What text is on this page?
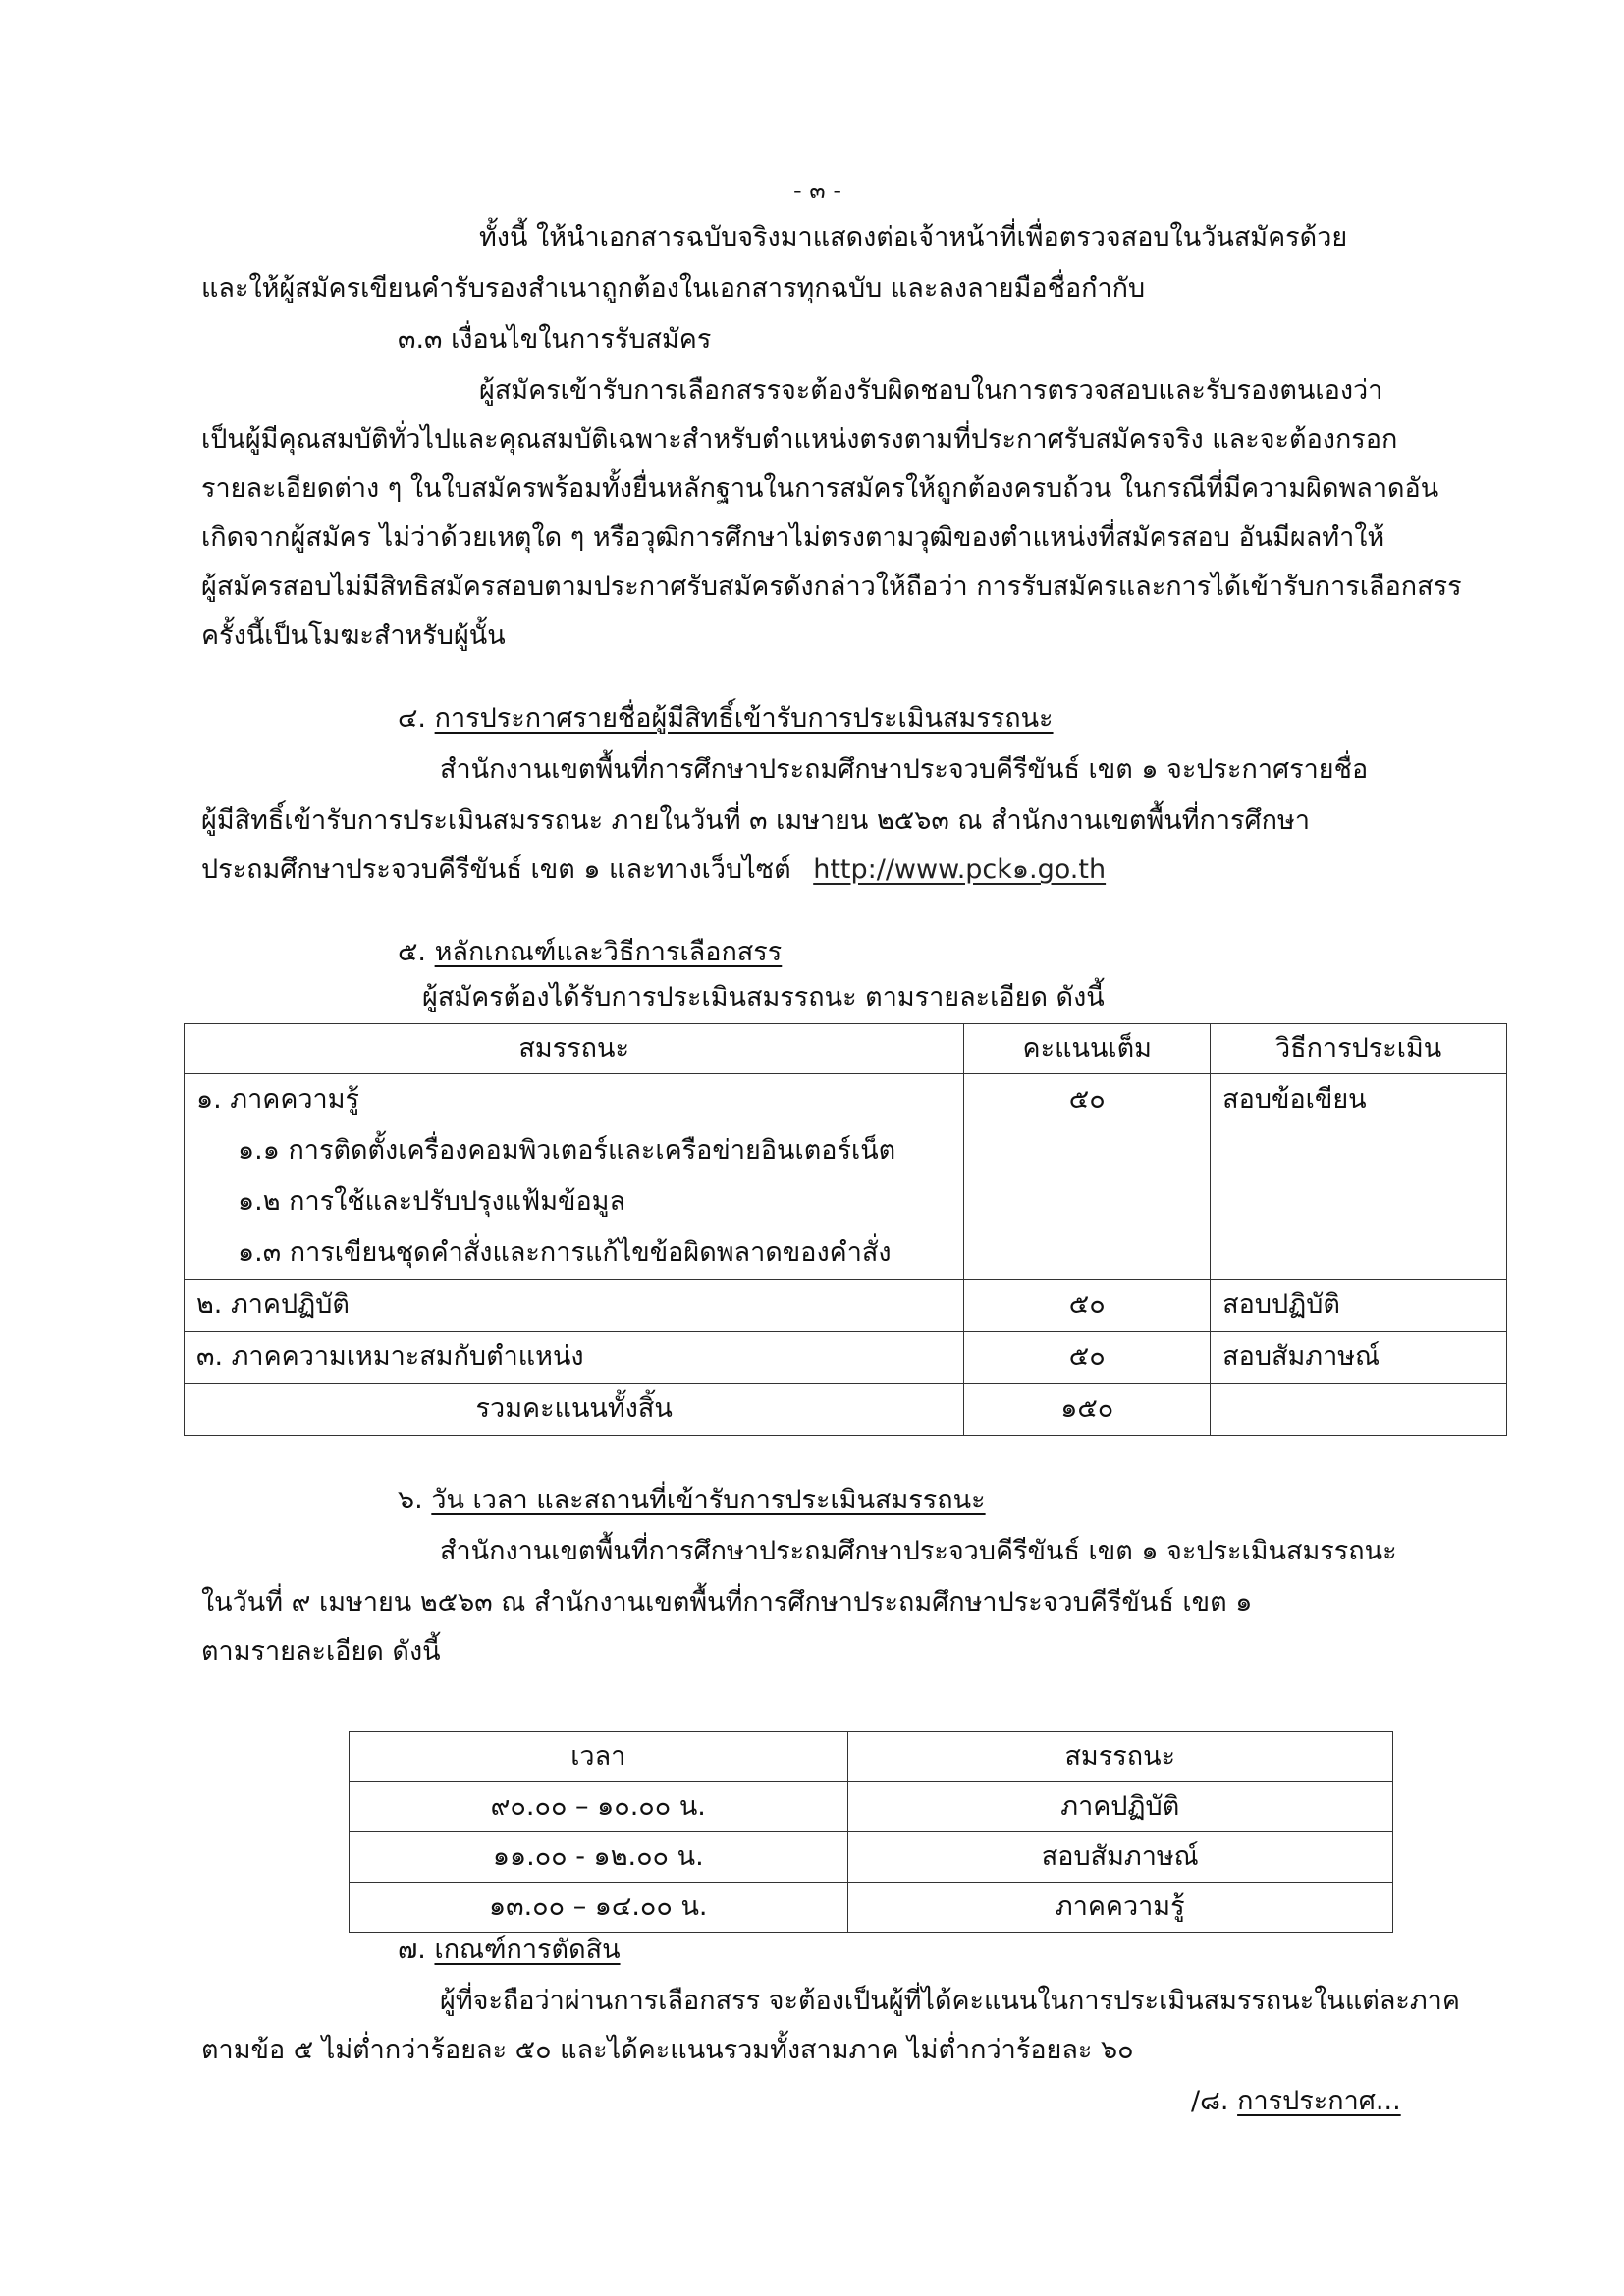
- ๓ -
ทั้งนี้ ให้นำเอกสารฉบับจริงมาแสดงต่อเจ้าหน้าที่เพื่อตรวจสอบในวันสมัครด้วย
และให้ผู้สมัครเขียนคำรับรองสำเนาถูกต้องในเอกสารทุกฉบับ และลงลายมือชื่อกำกับ
๓.๓ เงื่อนไขในการรับสมัคร
ผู้สมัครเข้ารับการเลือกสรรจะต้องรับผิดชอบในการตรวจสอบและรับรองตนเองว่า
เป็นผู้มีคุณสมบัติทั่วไปและคุณสมบัติเฉพาะสำหรับตำแหน่งตรงตามที่ประกาศรับสมัครจริง และจะต้องกรอก
รายละเอียดต่าง ๆ ในใบสมัครพร้อมทั้งยื่นหลักฐานในการสมัครให้ถูกต้องครบถ้วน ในกรณีที่มีความผิดพลาดอัน
เกิดจากผู้สมัคร ไม่ว่าด้วยเหตุใด ๆ หรือวุฒิการศึกษาไม่ตรงตามวุฒิของตำแหน่งที่สมัครสอบ อันมีผลทำให้
ผู้สมัครสอบไม่มีสิทธิสมัครสอบตามประกาศรับสมัครดังกล่าวให้ถือว่า การรับสมัครและการได้เข้ารับการเลือกสรร
ครั้งนี้เป็นโมฆะสำหรับผู้นั้น
๔. การประกาศรายชื่อผู้มีสิทธิ์เข้ารับการประเมินสมรรถนะ
สำนักงานเขตพื้นที่การศึกษาประถมศึกษาประจวบคีรีขันธ์ เขต ๑ จะประกาศรายชื่อ
ผู้มีสิทธิ์เข้ารับการประเมินสมรรถนะ ภายในวันที่ ๓ เมษายน ๒๕๖๓ ณ สำนักงานเขตพื้นที่การศึกษา
ประถมศึกษาประจวบคีรีขันธ์ เขต ๑ และทางเว็บไซต์ http://www.pck๑.go.th
๕. หลักเกณฑ์และวิธีการเลือกสรร
ผู้สมัครต้องได้รับการประเมินสมรรถนะ ตามรายละเอียด ดังนี้
สมรรถนะ	คะแนนเต็ม	วิธีการประเมิน

๑. ภาคความรู้
๑.๑ การติดตั้งเครื่องคอมพิวเตอร์และเครือข่ายอินเตอร์เน็ต
๑.๒ การใช้และปรับปรุงแฟ้มข้อมูล
๑.๓ การเขียนชุดคำสั่งและการแก้ไขข้อผิดพลาดของคำสั่ง	๕๐	สอบข้อเขียน
๒. ภาคปฏิบัติ	๕๐	สอบปฏิบัติ
๓. ภาคความเหมาะสมกับตำแหน่ง	๕๐	สอบสัมภาษณ์
รวมคะแนนทั้งสิ้น	๑๕๐	
๖. วัน เวลา และสถานที่เข้ารับการประเมินสมรรถนะ
สำนักงานเขตพื้นที่การศึกษาประถมศึกษาประจวบคีรีขันธ์ เขต ๑ จะประเมินสมรรถนะ
ในวันที่ ๙ เมษายน ๒๕๖๓ ณ สำนักงานเขตพื้นที่การศึกษาประถมศึกษาประจวบคีรีขันธ์ เขต ๑
ตามรายละเอียด ดังนี้
เวลา	สมรรถนะ
๙๐.๐๐ – ๑๐.๐๐ น.	ภาคปฏิบัติ
๑๑.๐๐ - ๑๒.๐๐ น.	สอบสัมภาษณ์
๑๓.๐๐ – ๑๔.๐๐ น.	ภาคความรู้
๗. เกณฑ์การตัดสิน
ผู้ที่จะถือว่าผ่านการเลือกสรร จะต้องเป็นผู้ที่ได้คะแนนในการประเมินสมรรถนะในแต่ละภาค
ตามข้อ ๕ ไม่ต่ำกว่าร้อยละ ๕๐ และได้คะแนนรวมทั้งสามภาค ไม่ต่ำกว่าร้อยละ ๖๐
/๘. การประกาศ...
